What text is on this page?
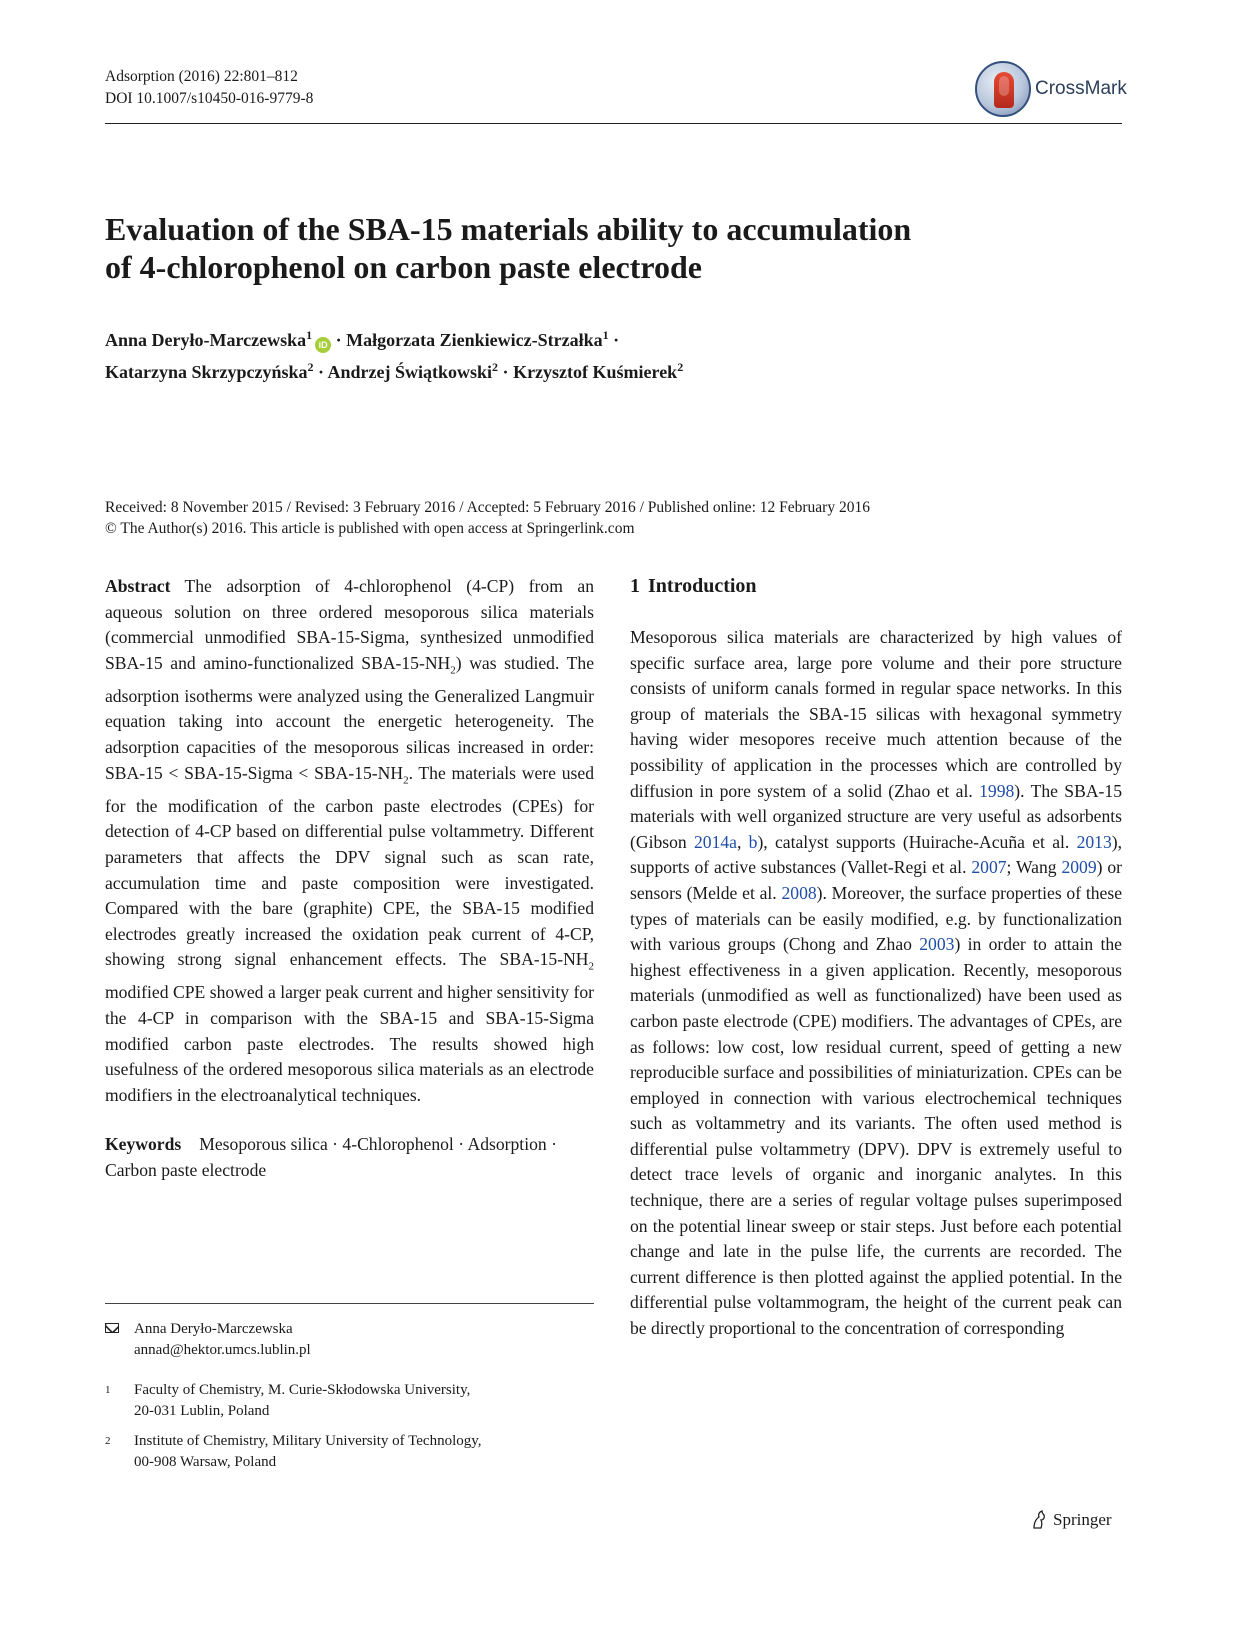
Adsorption (2016) 22:801–812
DOI 10.1007/s10450-016-9779-8	CrossMark
Evaluation of the SBA-15 materials ability to accumulation
of 4-chlorophenol on carbon paste electrode
Anna Deryło-Marczewska$^1$iD · Małgorzata Zienkiewicz-Strzałka$^1$ ·
Katarzyna Skrzypczyńska$^2$ · Andrzej Świątkowski$^2$ · Krzysztof Kuśmierek$^2$
Received: 8 November 2015 / Revised: 3 February 2016 / Accepted: 5 February 2016 / Published online: 12 February 2016
© The Author(s) 2016. This article is published with open access at Springerlink.com

Abstract The adsorption of 4-chlorophenol (4-CP) from an aqueous solution on three ordered mesoporous silica materials (commercial unmodified SBA-15-Sigma, synthesized unmodified SBA-15 and amino-functionalized SBA-$15-NH_2$) was studied. The adsorption isotherms were analyzed using the Generalized Langmuir equation taking into account the energetic heterogeneity. The adsorption capacities of the mesoporous silicas increased in order: SBA-15 < SBA-15-Sigma < SBA-$15-NH_2$. The materials were used for the modification of the carbon paste electrodes (CPEs) for detection of 4-CP based on differential pulse voltammetry. Different parameters that affects the DPV signal such as scan rate, accumulation time and paste composition were investigated. Compared with the bare (graphite) CPE, the SBA-15 modified electrodes greatly increased the oxidation peak current of 4-CP, showing strong signal enhancement effects. The SBA-$15-NH_2$ modified CPE showed a larger peak current and higher sensitivity for the 4-CP in comparison with the SBA-15 and SBA-15-Sigma modified carbon paste electrodes. The results showed high usefulness of the ordered mesoporous silica materials as an electrode modifiers in the electroanalytical techniques.

Keywords Mesoporous silica · 4-Chlorophenol · Adsorption · Carbon paste electrode

Anna Deryło-Marczewska
annad@hektor.umcs.lublin.pl
1 Faculty of Chemistry, M. Curie-Skłodowska University,
20-031 Lublin, Poland
2 Institute of Chemistry, Military University of Technology,
00-908 Warsaw, Poland
1 Introduction

Mesoporous silica materials are characterized by high values of specific surface area, large pore volume and their pore structure consists of uniform canals formed in regular space networks. In this group of materials the SBA-15 silicas with hexagonal symmetry having wider mesopores receive much attention because of the possibility of application in the processes which are controlled by diffusion in pore system of a solid (Zhao et al. 1998). The SBA-15 materials with well organized structure are very useful as adsorbents (Gibson 2014a, b), catalyst supports (Huirache-Acuña et al. 2013), supports of active substances (Vallet-Regi et al. 2007; Wang 2009) or sensors (Melde et al. 2008). Moreover, the surface properties of these types of materials can be easily modified, e.g. by functionalization with various groups (Chong and Zhao 2003) in order to attain the highest effectiveness in a given application. Recently, mesoporous materials (unmodified as well as functionalized) have been used as carbon paste electrode (CPE) modifiers. The advantages of CPEs, are as follows: low cost, low residual current, speed of getting a new reproducible surface and possibilities of miniaturization. CPEs can be employed in connection with various electrochemical techniques such as voltammetry and its variants. The often used method is differential pulse voltammetry (DPV). DPV is extremely useful to detect trace levels of organic and inorganic analytes. In this technique, there are a series of regular voltage pulses superimposed on the potential linear sweep or stair steps. Just before each potential change and late in the pulse life, the currents are recorded. The current difference is then plotted against the applied potential. In the differential pulse voltammogram, the height of the current peak can be directly proportional to the concentration of corresponding

Springer
